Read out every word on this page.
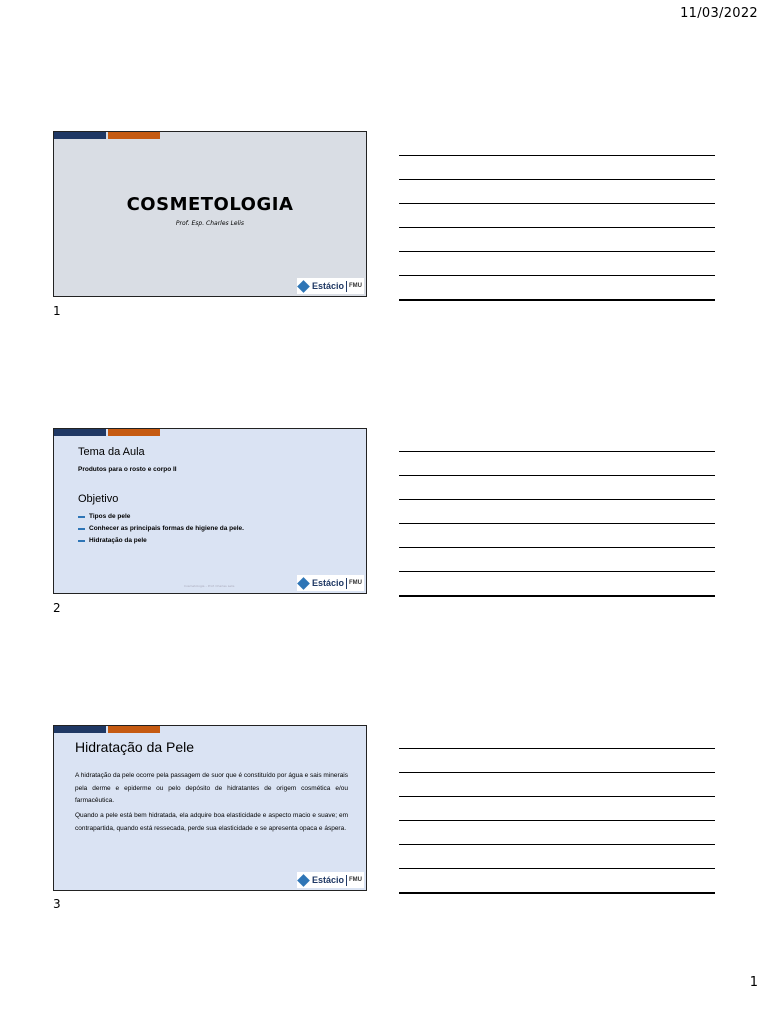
11/03/2022
COSMETOLOGIA
Prof. Esp. Charles Lelis
Estácio FMU
1
Tema da Aula
Produtos para o rosto e corpo II
Objetivo
Tipos de pele
Conhecer as principais formas de higiene da pele.
Hidratação da pele
Cosmetologia – Prof. Charles Lelis	Estácio FMU
2
Hidratação da Pele
A hidratação da pele ocorre pela passagem de suor que é constituído por água e sais minerais pela derme e epiderme ou pelo depósito de hidratantes de origem cosmética e/ou farmacêutica.
Quando a pele está bem hidratada, ela adquire boa elasticidade e aspecto macio e suave; em contrapartida, quando está ressecada, perde sua elasticidade e se apresenta opaca e áspera.
Estácio FMU
3
1
